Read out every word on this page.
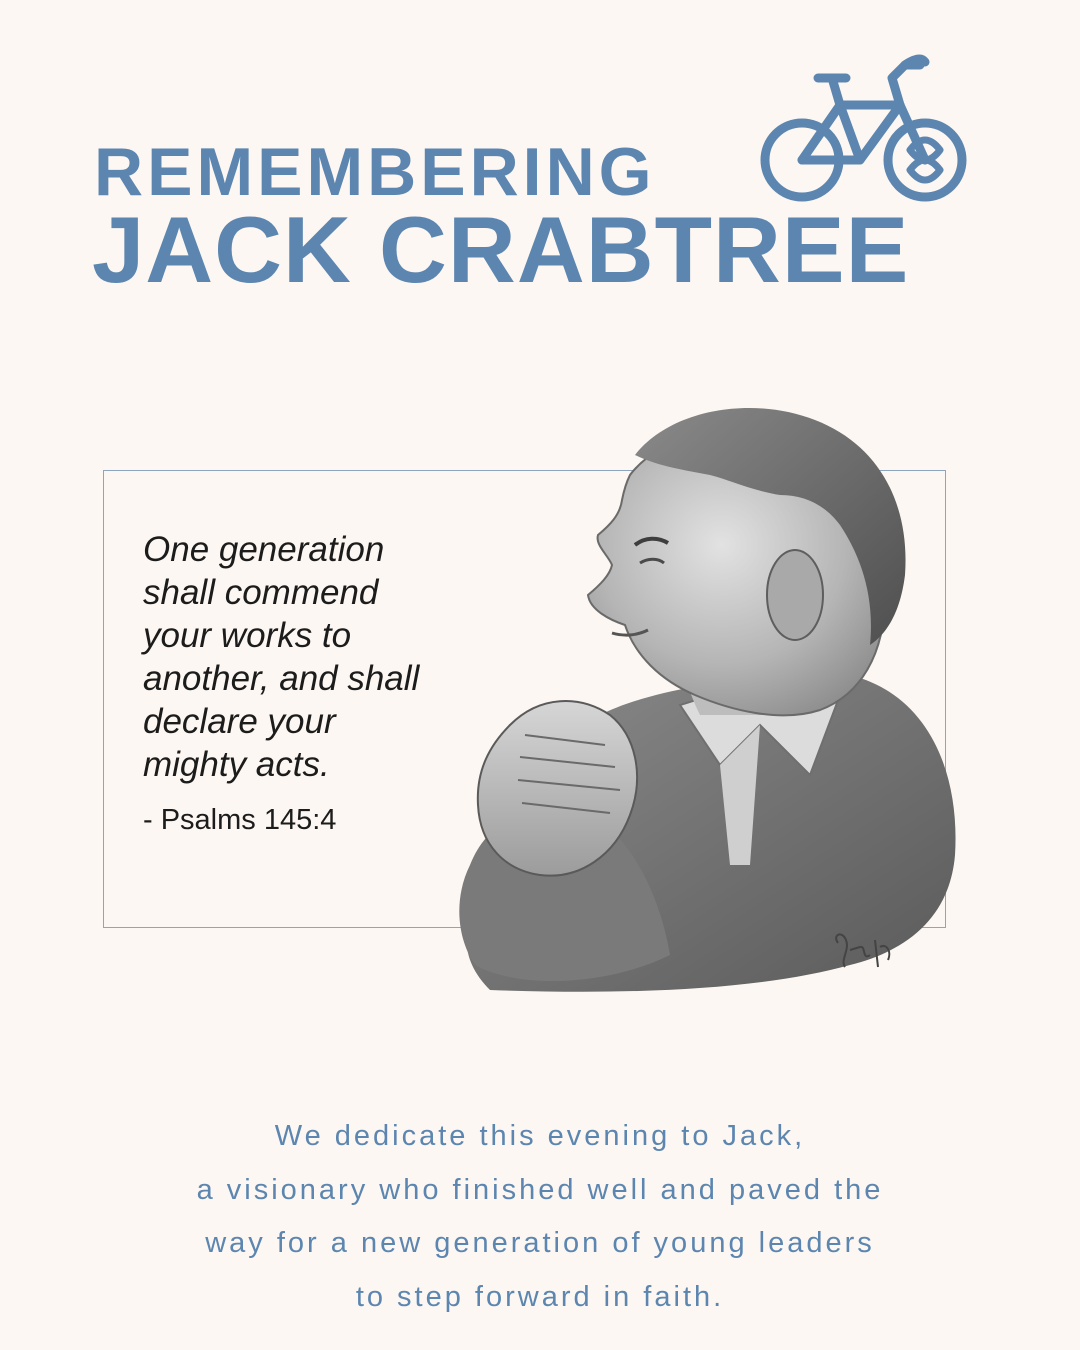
REMEMBERING
JACK CRABTREE
One generation
shall commend
your works to
another, and shall
declare your
mighty acts.
- Psalms 145:4
We dedicate this evening to Jack,
a visionary who finished well and paved the
way for a new generation of young leaders
to step forward in faith.
